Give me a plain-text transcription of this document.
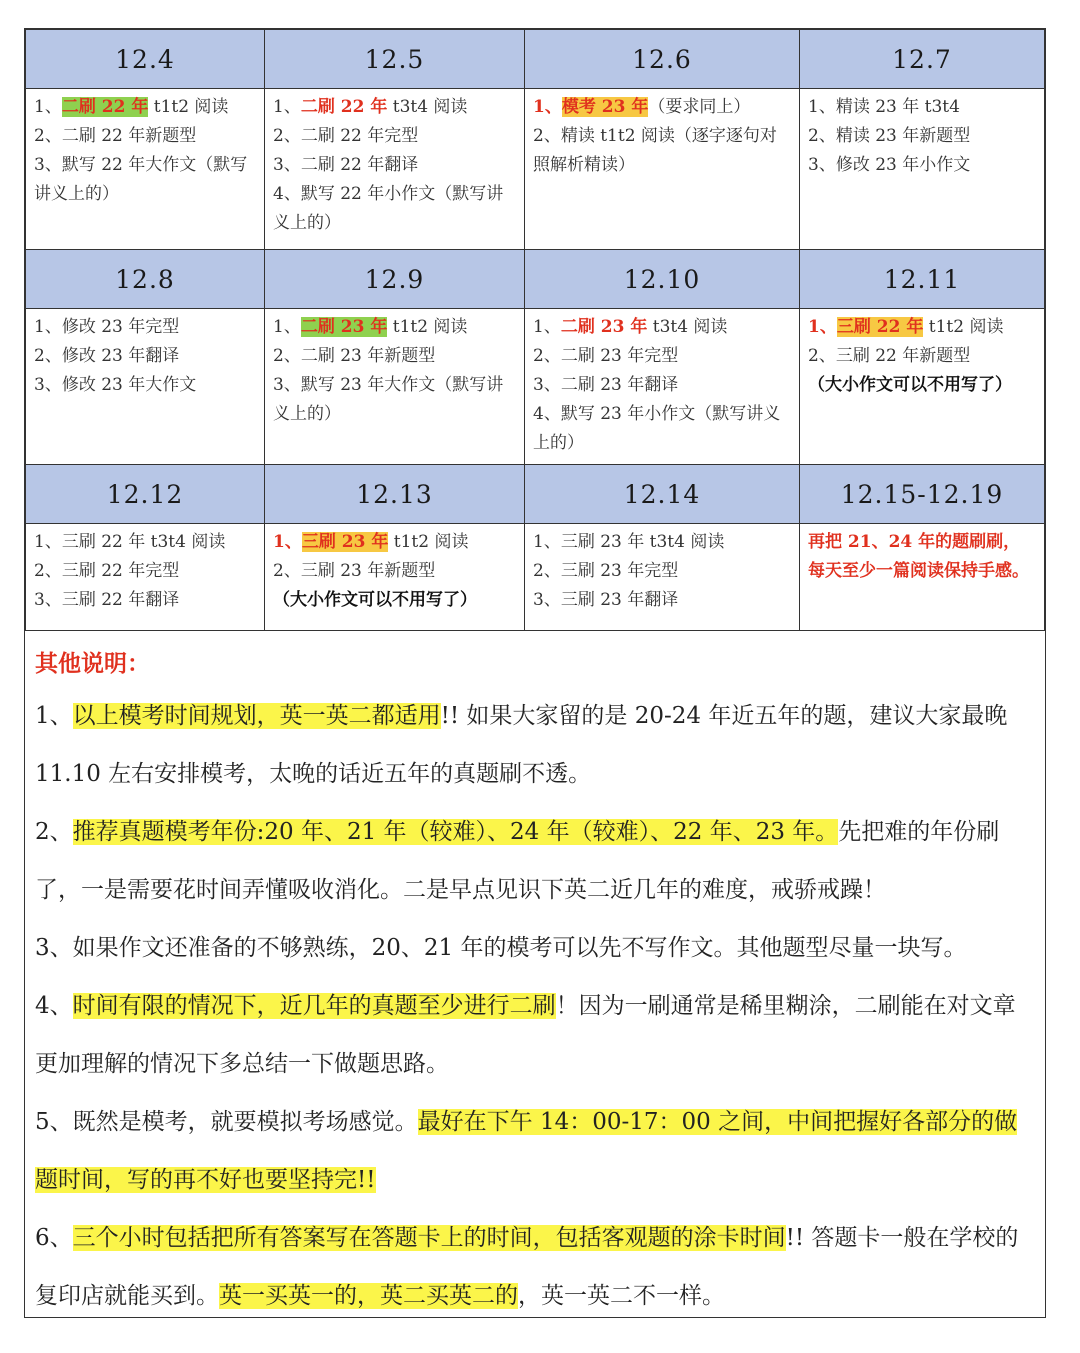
12.4	12.5	12.6	12.7

1、二刷 22 年 t1t2 阅读
2、二刷 22 年新题型
3、默写 22 年大作文（默写讲义上的）	1、二刷 22 年 t3t4 阅读
2、二刷 22 年完型
3、二刷 22 年翻译
4、默写 22 年小作文（默写讲义上的）	1、模考 23 年（要求同上）
2、精读 t1t2 阅读（逐字逐句对照解析精读）	1、精读 23 年 t3t4
2、精读 23 年新题型
3、修改 23 年小作文

12.8	12.9	12.10	12.11

1、修改 23 年完型
2、修改 23 年翻译
3、修改 23 年大作文	1、二刷 23 年 t1t2 阅读
2、二刷 23 年新题型
3、默写 23 年大作文（默写讲义上的）	1、二刷 23 年 t3t4 阅读
2、二刷 23 年完型
3、二刷 23 年翻译
4、默写 23 年小作文（默写讲义上的）	1、三刷 22 年 t1t2 阅读
2、三刷 22 年新题型
（大小作文可以不用写了）

12.12	12.13	12.14	12.15-12.19

1、三刷 22 年 t3t4 阅读
2、三刷 22 年完型
3、三刷 22 年翻译	1、三刷 23 年 t1t2 阅读
2、三刷 23 年新题型
（大小作文可以不用写了）	1、三刷 23 年 t3t4 阅读
2、三刷 23 年完型
3、三刷 23 年翻译	再把 21、24 年的题刷刷，每天至少一篇阅读保持手感。
其他说明：
1、以上模考时间规划，英一英二都适用!! 如果大家留的是 20-24 年近五年的题，建议大家最晚 11.10 左右安排模考，太晚的话近五年的真题刷不透。
2、推荐真题模考年份:20 年、21 年（较难）、24 年（较难）、22 年、23 年。先把难的年份刷了，一是需要花时间弄懂吸收消化。二是早点见识下英二近几年的难度，戒骄戒躁！
3、如果作文还准备的不够熟练，20、21 年的模考可以先不写作文。其他题型尽量一块写。
4、时间有限的情况下，近几年的真题至少进行二刷！因为一刷通常是稀里糊涂，二刷能在对文章更加理解的情况下多总结一下做题思路。
5、既然是模考，就要模拟考场感觉。最好在下午 14：00-17：00 之间，中间把握好各部分的做题时间，写的再不好也要坚持完!!
6、三个小时包括把所有答案写在答题卡上的时间，包括客观题的涂卡时间!! 答题卡一般在学校的复印店就能买到。英一买英一的，英二买英二的，英一英二不一样。
